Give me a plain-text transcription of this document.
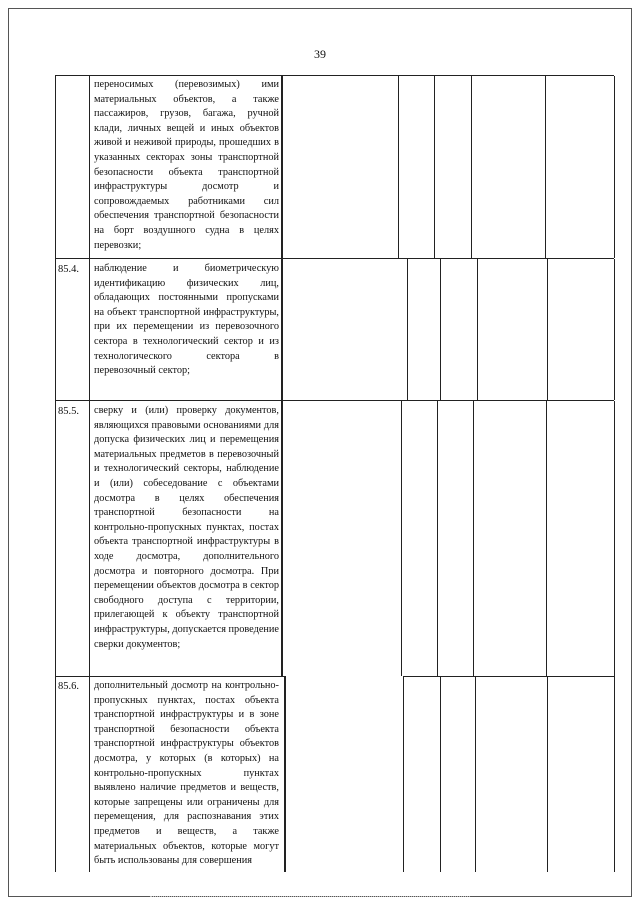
39
переносимых (перевозимых) ими материальных объектов, а также пассажиров, грузов, багажа, ручной клади, личных вещей и иных объектов живой и неживой природы, прошедших в указанных секторах зоны транспортной безопасности объекта транспортной инфраструктуры досмотр и сопровождаемых работниками сил обеспечения транспортной безопасности на борт воздушного судна в целях перевозки;
85.4. наблюдение и биометрическую идентификацию физических лиц, обладающих постоянными пропусками на объект транспортной инфраструктуры, при их перемещении из перевозочного сектора в технологический сектор и из технологического сектора в перевозочный сектор;
85.5. сверку и (или) проверку документов, являющихся правовыми основаниями для допуска физических лиц и перемещения материальных предметов в перевозочный и технологический секторы, наблюдение и (или) собеседование с объектами досмотра в целях обеспечения транспортной безопасности на контрольно-пропускных пунктах, постах объекта транспортной инфраструктуры в ходе досмотра, дополнительного досмотра и повторного досмотра. При перемещении объектов досмотра в сектор свободного доступа с территории, прилегающей к объекту транспортной инфраструктуры, допускается проведение сверки документов;
85.6. дополнительный досмотр на контрольно-пропускных пунктах, постах объекта транспортной инфраструктуры и в зоне транспортной безопасности объекта транспортной инфраструктуры объектов досмотра, у которых (в которых) на контрольно-пропускных пунктах выявлено наличие предметов и веществ, которые запрещены или ограничены для перемещения, для распознавания этих предметов и веществ, а также материальных объектов, которые могут быть использованы для совершения
